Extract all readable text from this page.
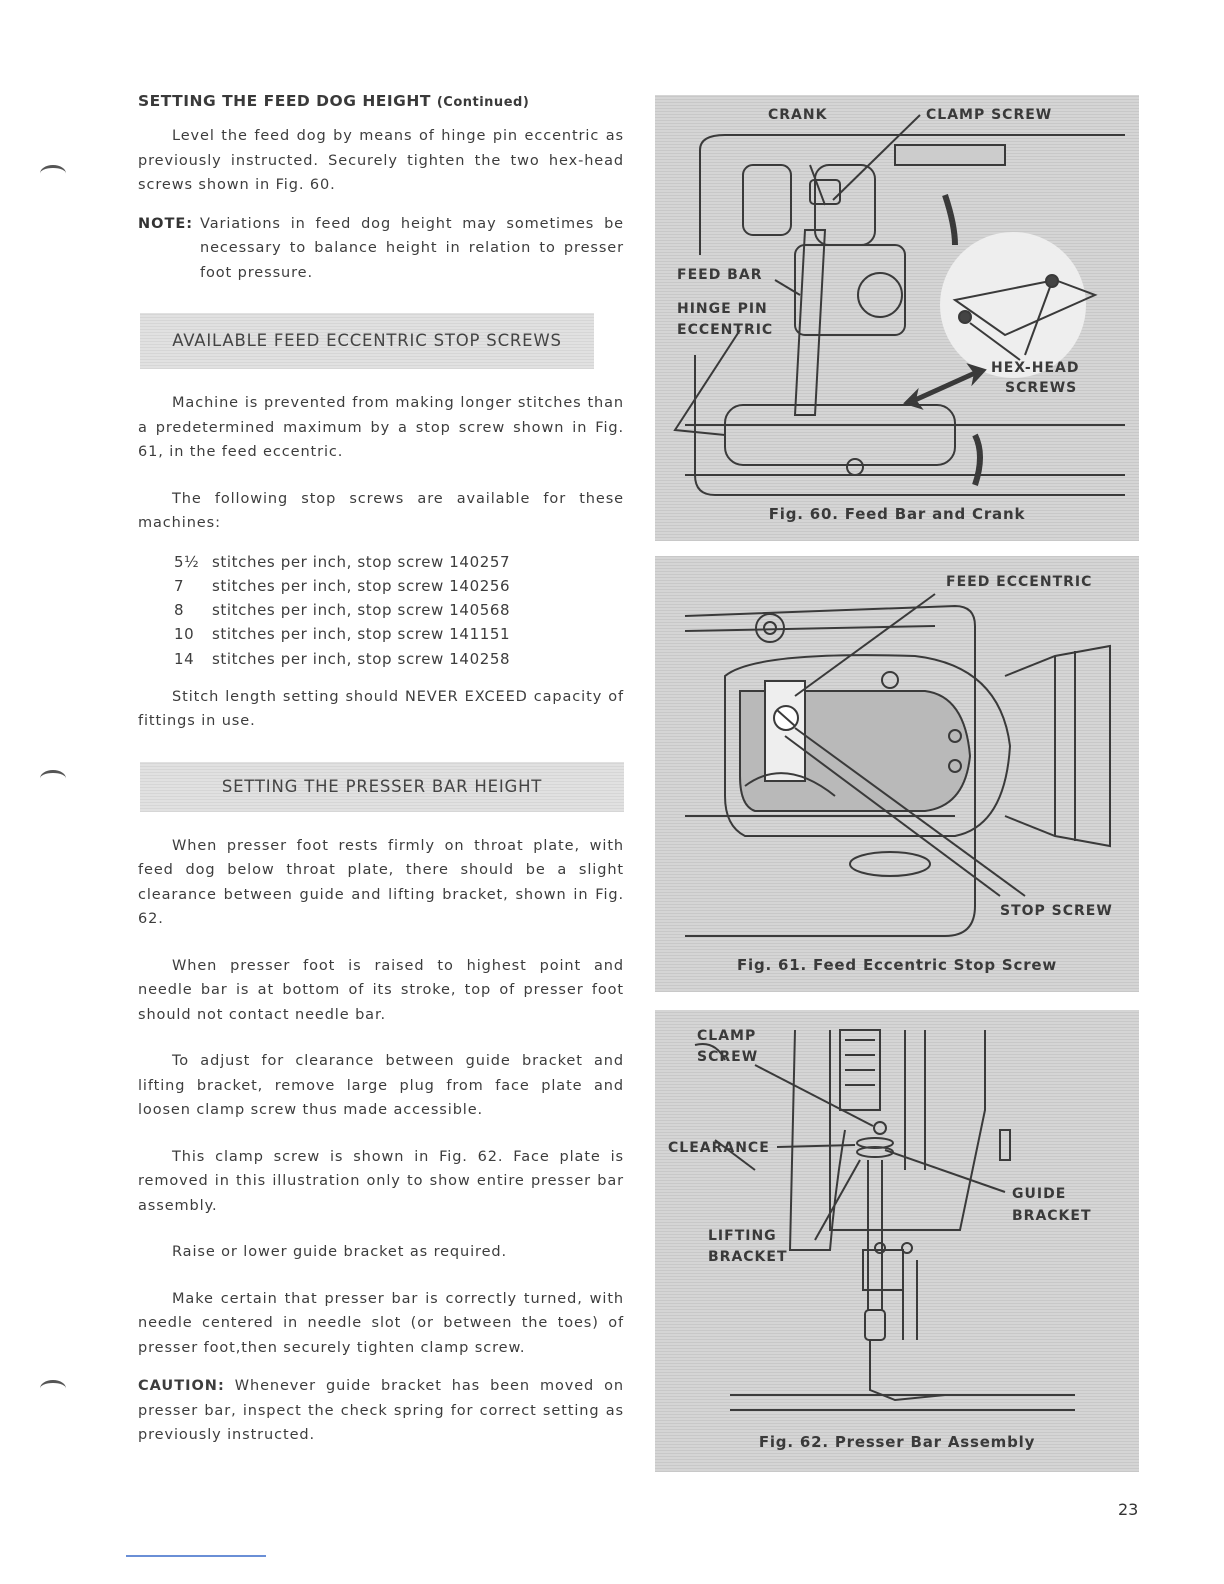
SETTING THE FEED DOG HEIGHT (Continued)

Level the feed dog by means of hinge pin eccentric as previously instructed. Securely tighten the two hex-head screws shown in Fig. 60.

NOTE: Variations in feed dog height may sometimes be necessary to balance height in relation to presser foot pressure.

AVAILABLE FEED ECCENTRIC STOP SCREWS

Machine is prevented from making longer stitches than a predetermined maximum by a stop screw shown in Fig. 61, in the feed eccentric.

The following stop screws are available for these machines:

5½ stitches per inch, stop screw 140257
7	stitches per inch, stop screw 140256
8	stitches per inch, stop screw 140568
10	stitches per inch, stop screw 141151
14	stitches per inch, stop screw 140258

Stitch length setting should NEVER EXCEED capacity of fittings in use.

SETTING THE PRESSER BAR HEIGHT

When presser foot rests firmly on throat plate, with feed dog below throat plate, there should be a slight clearance between guide and lifting bracket, shown in Fig. 62.

When presser foot is raised to highest point and needle bar is at bottom of its stroke, top of presser foot should not contact needle bar.

To adjust for clearance between guide bracket and lifting bracket, remove large plug from face plate and loosen clamp screw thus made accessible.

This clamp screw is shown in Fig. 62. Face plate is removed in this illustration only to show entire presser bar assembly.

Raise or lower guide bracket as required.

Make certain that presser bar is correctly turned, with needle centered in needle slot (or between the toes) of presser foot,then securely tighten clamp screw.

CAUTION: Whenever guide bracket has been moved on presser bar, inspect the check spring for correct setting as previously instructed.

CRANK	CLAMP SCREW
FEED BAR
HINGE PIN
ECCENTRIC
HEX-HEAD
SCREWS
Fig. 60. Feed Bar and Crank
FEED ECCENTRIC
STOP SCREW
Fig. 61. Feed Eccentric Stop Screw
CLAMP
SCREW
CLEARANCE
GUIDE
BRACKET
LIFTING
BRACKET
Fig. 62. Presser Bar Assembly
23
